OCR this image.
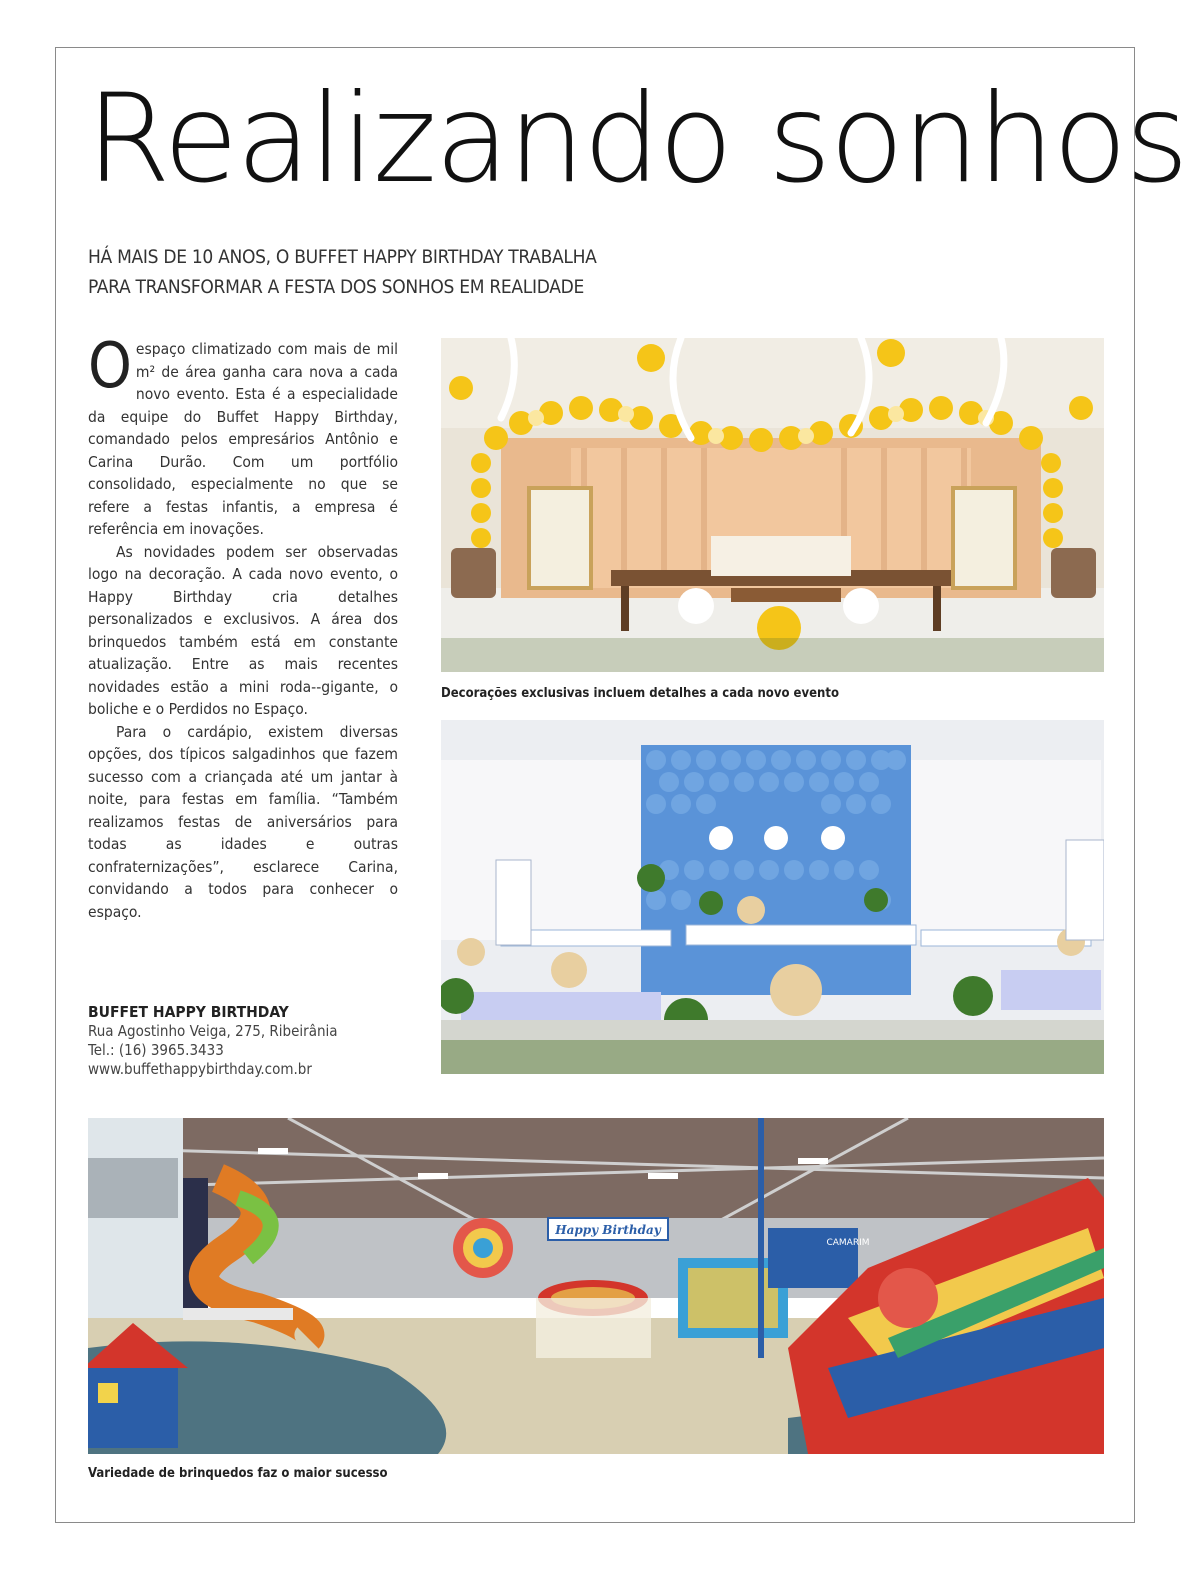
Realizando sonhos
HÁ MAIS DE 10 ANOS, O BUFFET HAPPY BIRTHDAY TRABALHA
PARA TRANSFORMAR A FESTA DOS SONHOS EM REALIDADE

Oespaço climatizado com mais de mil m² de área ganha cara nova a cada novo evento. Esta é a especialidade da equipe do Buffet Happy Birthday, comandado pelos empresários Antônio e Carina Durão. Com um portfólio consolidado, especialmente no que se refere a festas infantis, a empresa é referência em inovações.

As novidades podem ser observadas logo na decoração. A cada novo evento, o Happy Birthday cria detalhes personalizados e exclusivos. A área dos brinquedos também está em constante atualização. Entre as mais recentes novidades estão a mini roda--gigante, o boliche e o Perdidos no Espaço.

Para o cardápio, existem diversas opções, dos típicos salgadinhos que fazem sucesso com a criançada até um jantar à noite, para festas em família. “Também realizamos festas de aniversários para todas as idades e outras confraternizações”, esclarece Carina, convidando a todos para conhecer o espaço.

BUFFET HAPPY BIRTHDAY
Rua Agostinho Veiga, 275, Ribeirânia
Tel.: (16) 3965.3433
www.buffethappybirthday.com.br
Decorações exclusivas incluem detalhes a cada novo evento
Happy Birthday
CAMARIM
Variedade de brinquedos faz o maior sucesso
